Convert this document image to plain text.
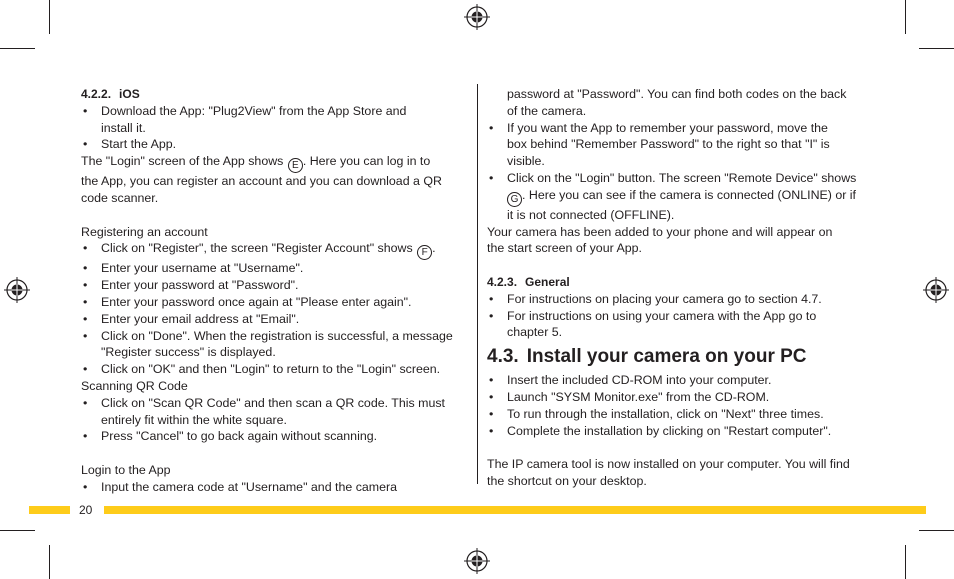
4.2.2. iOS
• Download the App: "Plug2View" from the App Store and
install it.
• Start the App.
The "Login" screen of the App shows E . Here you can log in to
the App, you can register an account and you can download a QR
code scanner.
Registering an account
• Click on "Register", the screen "Register Account" shows F .
• Enter your username at "Username".
• Enter your password at "Password".
• Enter your password once again at "Please enter again".
• Enter your email address at "Email".
• Click on "Done". When the registration is successful, a message
"Register success" is displayed.
• Click on "OK" and then "Login" to return to the "Login" screen.
Scanning QR Code
• Click on "Scan QR Code" and then scan a QR code. This must
entirely fit within the white square.
• Press "Cancel" to go back again without scanning.
Login to the App
• Input the camera code at "Username" and the camera
password at "Password". You can find both codes on the back
of the camera.
• If you want the App to remember your password, move the
box behind "Remember Password" to the right so that "I" is
visible.
• Click on the "Login" button. The screen "Remote Device" shows
G . Here you can see if the camera is connected (ONLINE) or if
it is not connected (OFFLINE).
Your camera has been added to your phone and will appear on
the start screen of your App.
4.2.3. General
• For instructions on placing your camera go to section 4.7.
• For instructions on using your camera with the App go to
chapter 5.
4.3. Install your camera on your PC
• Insert the included CD-ROM into your computer.
• Launch "SYSM Monitor.exe" from the CD-ROM.
• To run through the installation, click on "Next" three times.
• Complete the installation by clicking on "Restart computer".
The IP camera tool is now installed on your computer. You will find
the shortcut on your desktop.
20
